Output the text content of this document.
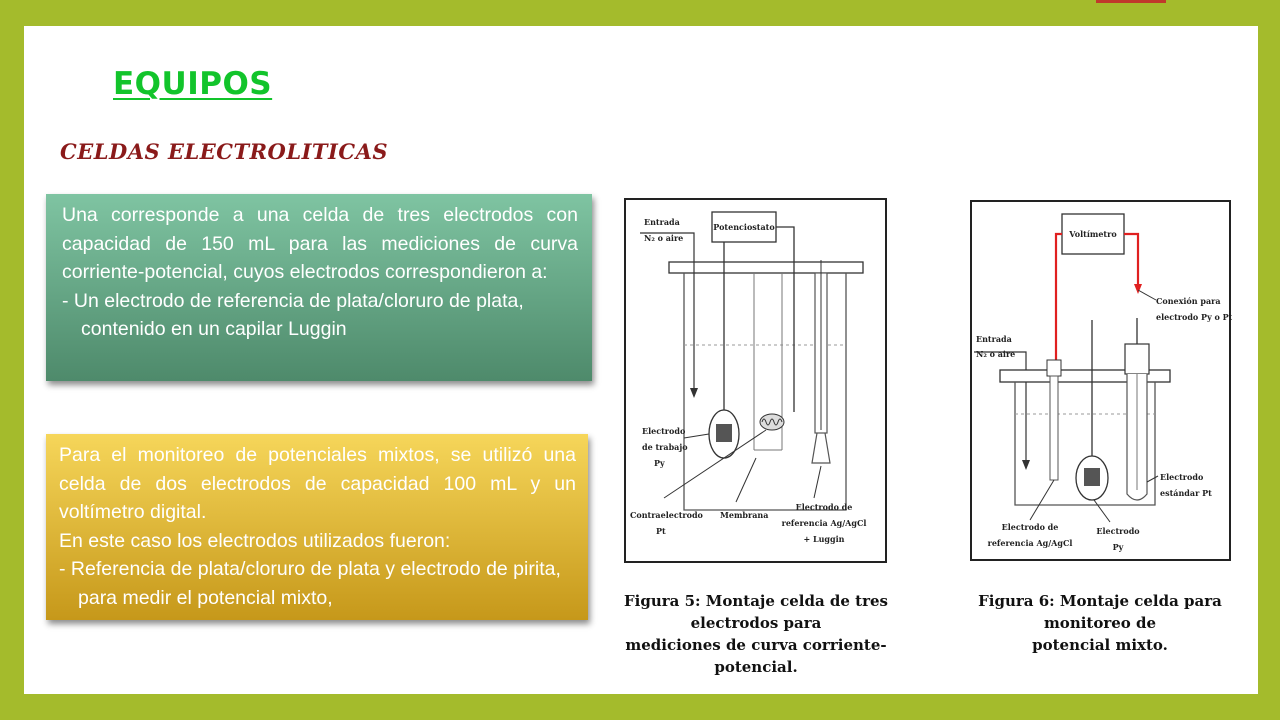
EQUIPOS
CELDAS ELECTROLITICAS

Una corresponde a una celda de tres electrodos con capacidad de 150 mL para las mediciones de curva corriente-potencial, cuyos electrodos correspondieron a:

- Un electrodo de referencia de plata/cloruro de plata, contenido en un capilar Luggin

Para el monitoreo de potenciales mixtos, se utilizó una celda de dos electrodos de capacidad 100 mL y un voltímetro digital.

En este caso los electrodos utilizados fueron:

- Referencia de plata/cloruro de plata y electrodo de pirita, para medir el potencial mixto,

Potenciostato
Entrada
N₂ o aire
Electrodo
de trabajo
Py
Contraelectrodo
Pt
Membrana
Electrodo de
referencia Ag/AgCl
+ Luggin
Figura 5: Montaje celda de tres electrodos para
mediciones de curva corriente-potencial.
Voltímetro
Conexión para
electrodo Py o Pt
Entrada
N₂ o aire
Electrodo
estándar Pt
Electrodo de
referencia Ag/AgCl
Electrodo
Py
Figura 6: Montaje celda para monitoreo de
potencial mixto.
